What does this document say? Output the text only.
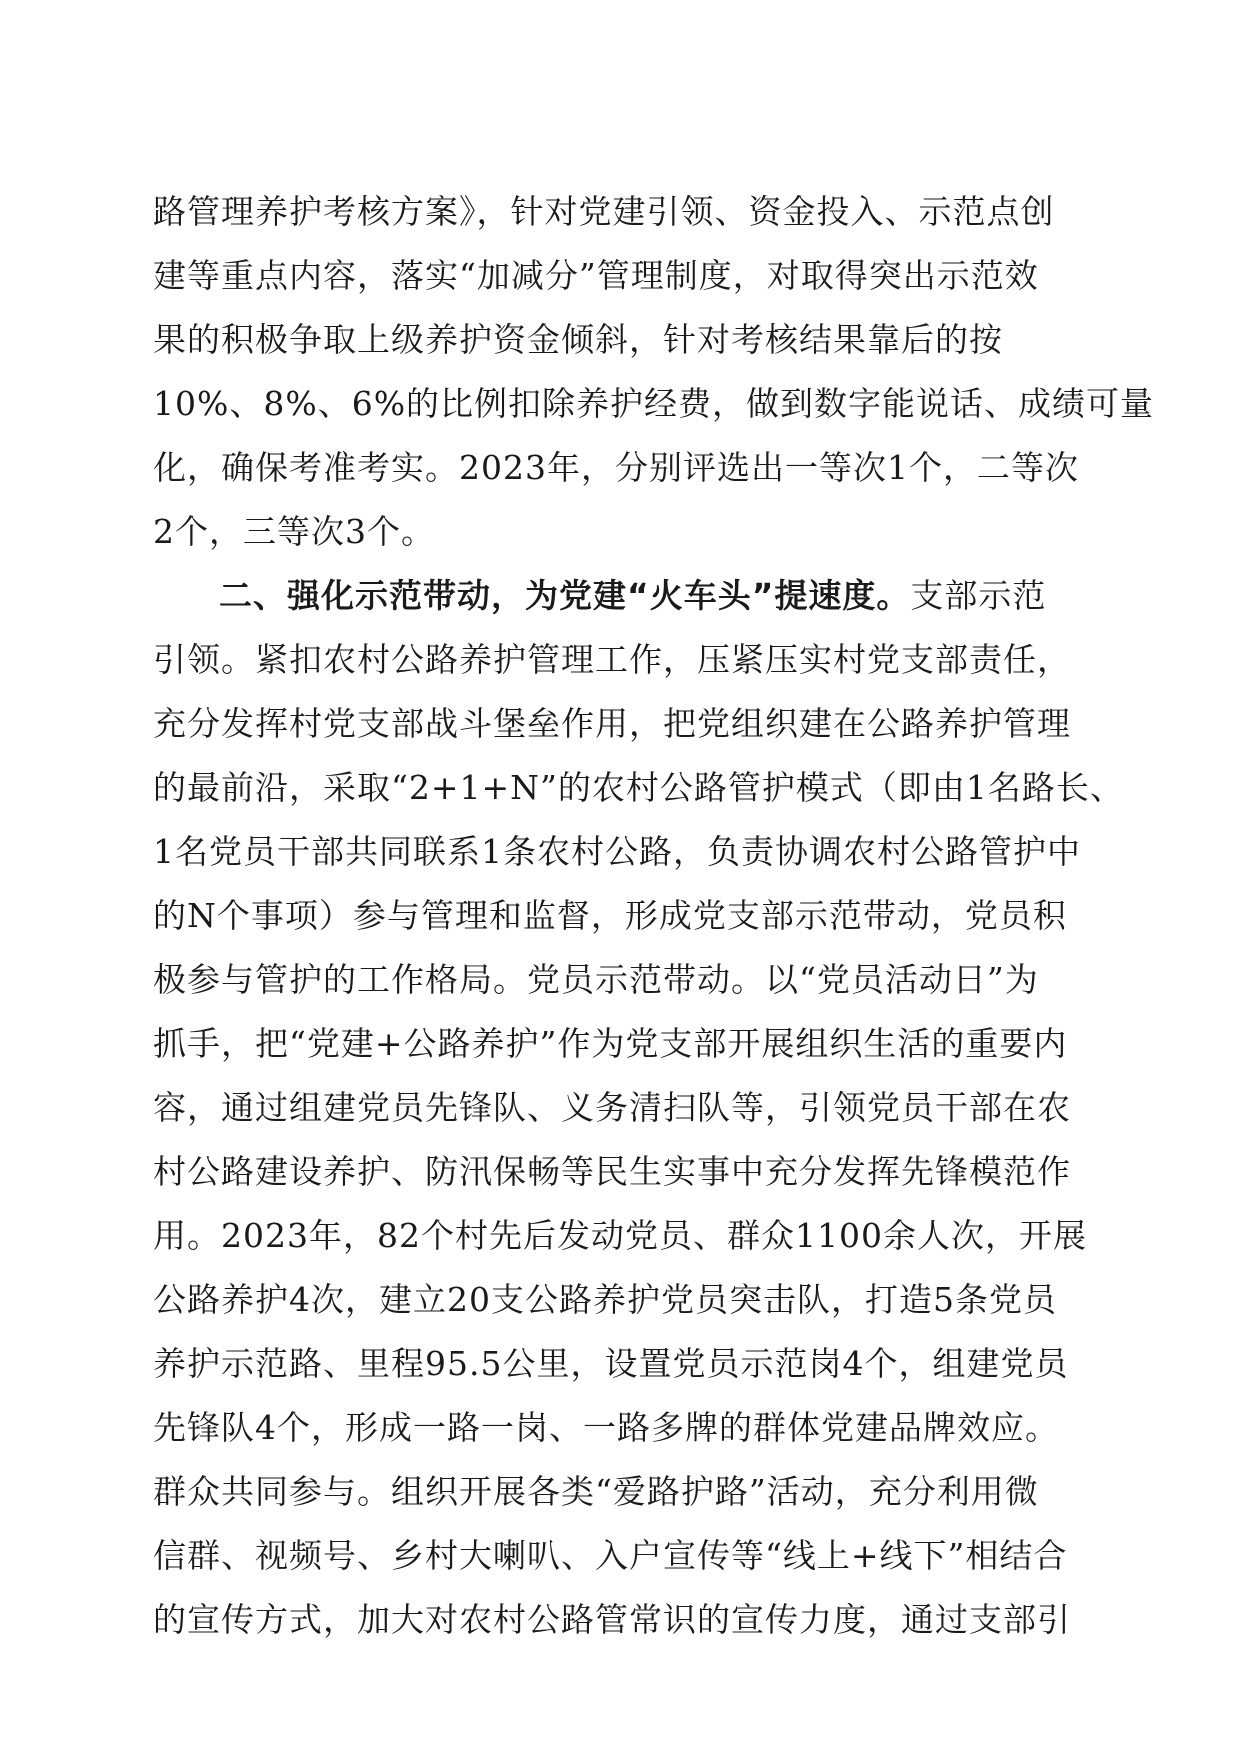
路管理养护考核方案》，针对党建引领、资金投入、示范点创
建等重点内容，落实“加减分”管理制度，对取得突出示范效
果的积极争取上级养护资金倾斜，针对考核结果靠后的按
10%、8%、6%的比例扣除养护经费，做到数字能说话、成绩可量
化，确保考准考实。2023年，分别评选出一等次1个，二等次
2个，三等次3个。
二、强化示范带动，为党建“火车头”提速度。支部示范
引领。紧扣农村公路养护管理工作，压紧压实村党支部责任，
充分发挥村党支部战斗堡垒作用，把党组织建在公路养护管理
的最前沿，采取“2+1+N”的农村公路管护模式（即由1名路长、
1名党员干部共同联系1条农村公路，负责协调农村公路管护中
的N个事项）参与管理和监督，形成党支部示范带动，党员积
极参与管护的工作格局。党员示范带动。以“党员活动日”为
抓手，把“党建+公路养护”作为党支部开展组织生活的重要内
容，通过组建党员先锋队、义务清扫队等，引领党员干部在农
村公路建设养护、防汛保畅等民生实事中充分发挥先锋模范作
用。2023年，82个村先后发动党员、群众1100余人次，开展
公路养护4次，建立20支公路养护党员突击队，打造5条党员
养护示范路、里程95.5公里，设置党员示范岗4个，组建党员
先锋队4个，形成一路一岗、一路多牌的群体党建品牌效应。
群众共同参与。组织开展各类“爱路护路”活动，充分利用微
信群、视频号、乡村大喇叭、入户宣传等“线上+线下”相结合
的宣传方式，加大对农村公路管常识的宣传力度，通过支部引
